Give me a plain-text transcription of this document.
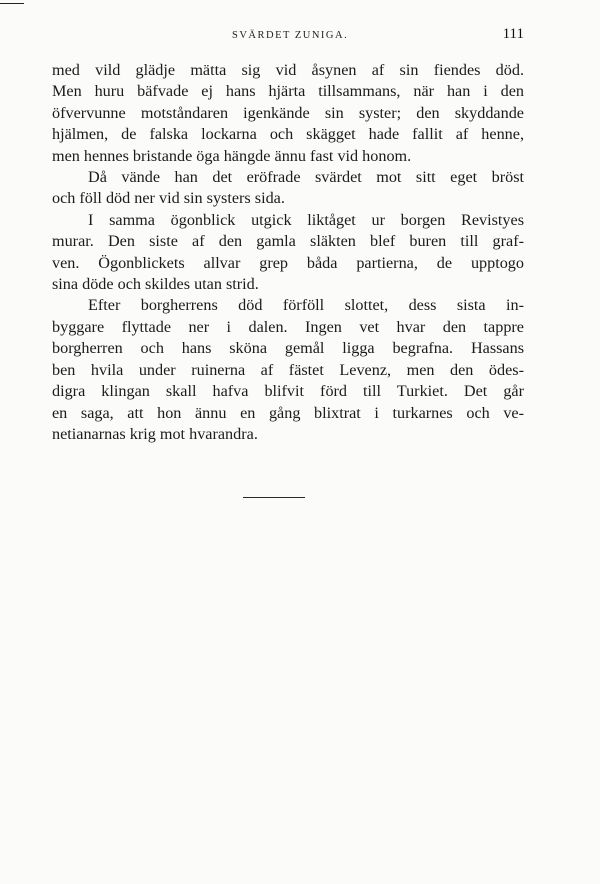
SVÄRDET ZUNIGA.	111

med vild glädje mätta sig vid åsynen af sin fiendes död.
Men huru bäfvade ej hans hjärta tillsammans, när han i den
öfvervunne motståndaren igenkände sin syster; den skyddande
hjälmen, de falska lockarna och skägget hade fallit af henne,
men hennes bristande öga hängde ännu fast vid honom.

Då vände han det eröfrade svärdet mot sitt eget bröst
och föll död ner vid sin systers sida.

I samma ögonblick utgick liktåget ur borgen Revistyes
murar. Den siste af den gamla släkten blef buren till graf-
ven. Ögonblickets allvar grep båda partierna, de upptogo
sina döde och skildes utan strid.

Efter borgherrens död förföll slottet, dess sista in-
byggare flyttade ner i dalen. Ingen vet hvar den tappre
borgherren och hans sköna gemål ligga begrafna. Hassans
ben hvila under ruinerna af fästet Levenz, men den ödes-
digra klingan skall hafva blifvit förd till Turkiet. Det går
en saga, att hon ännu en gång blixtrat i turkarnes och ve-
netianarnas krig mot hvarandra.
